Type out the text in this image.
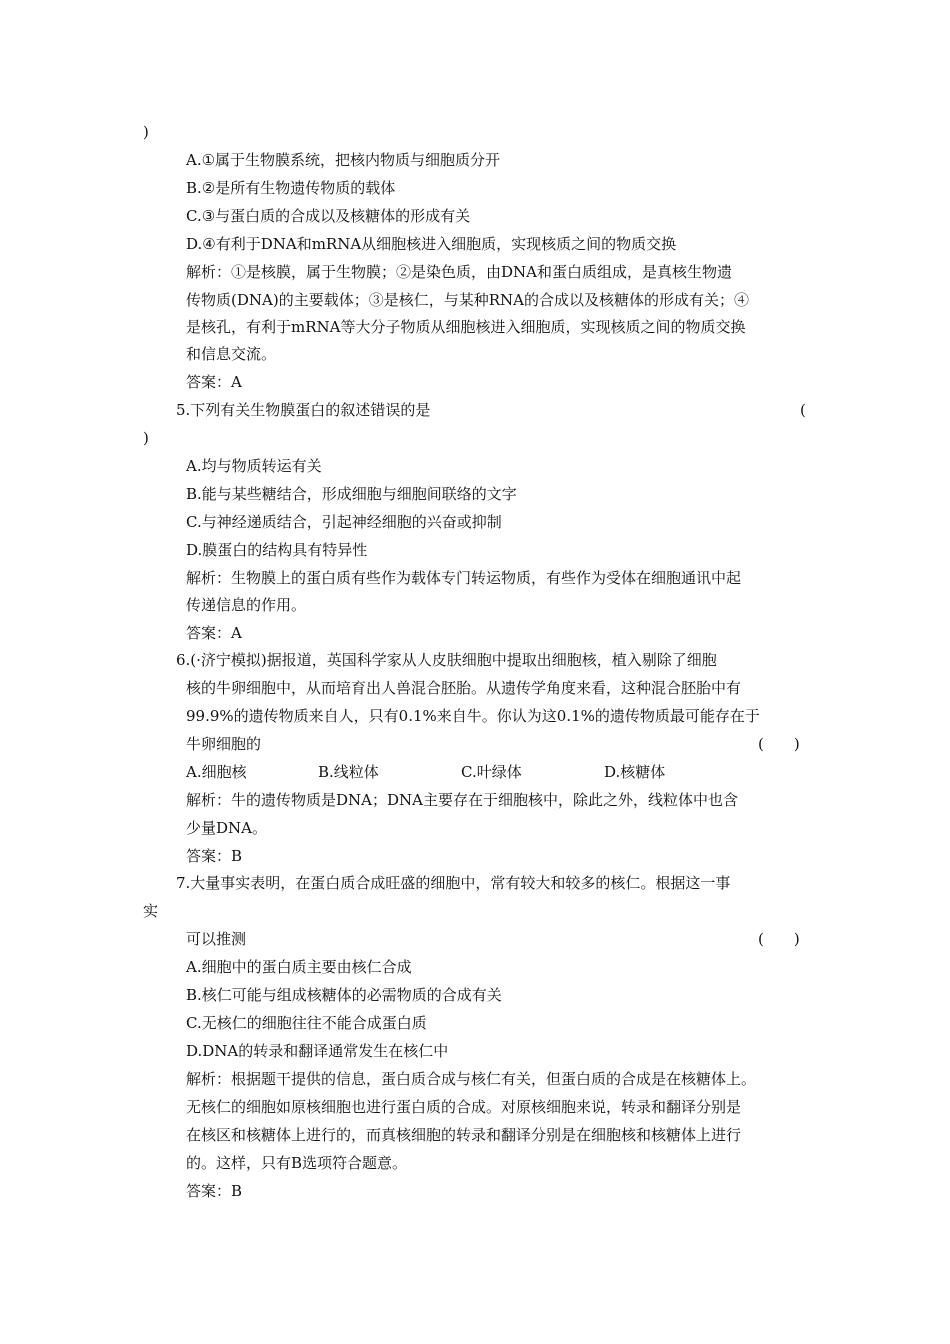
)
A.①属于生物膜系统，把核内物质与细胞质分开
B.②是所有生物遗传物质的载体
C.③与蛋白质的合成以及核糖体的形成有关
D.④有利于DNA和mRNA从细胞核进入细胞质，实现核质之间的物质交换
解析：①是核膜，属于生物膜；②是染色质，由DNA和蛋白质组成，是真核生物遗
传物质(DNA)的主要载体；③是核仁，与某种RNA的合成以及核糖体的形成有关；④
是核孔，有利于mRNA等大分子物质从细胞核进入细胞质，实现核质之间的物质交换
和信息交流。
答案：A
5.下列有关生物膜蛋白的叙述错误的是	(
)
A.均与物质转运有关
B.能与某些糖结合，形成细胞与细胞间联络的文字
C.与神经递质结合，引起神经细胞的兴奋或抑制
D.膜蛋白的结构具有特异性
解析：生物膜上的蛋白质有些作为载体专门转运物质，有些作为受体在细胞通讯中起
传递信息的作用。
答案：A
6.(·济宁模拟)据报道，英国科学家从人皮肤细胞中提取出细胞核，植入剔除了细胞
核的牛卵细胞中，从而培育出人兽混合胚胎。从遗传学角度来看，这种混合胚胎中有
99.9%的遗传物质来自人，只有0.1%来自牛。你认为这0.1%的遗传物质最可能存在于
牛卵细胞的	(　　)
A.细胞核	B.线粒体	C.叶绿体	D.核糖体
解析：牛的遗传物质是DNA；DNA主要存在于细胞核中，除此之外，线粒体中也含
少量DNA。
答案：B
7.大量事实表明，在蛋白质合成旺盛的细胞中，常有较大和较多的核仁。根据这一事
实
可以推测	(　　)
A.细胞中的蛋白质主要由核仁合成
B.核仁可能与组成核糖体的必需物质的合成有关
C.无核仁的细胞往往不能合成蛋白质
D.DNA的转录和翻译通常发生在核仁中
解析：根据题干提供的信息，蛋白质合成与核仁有关，但蛋白质的合成是在核糖体上。
无核仁的细胞如原核细胞也进行蛋白质的合成。对原核细胞来说，转录和翻译分别是
在核区和核糖体上进行的，而真核细胞的转录和翻译分别是在细胞核和核糖体上进行
的。这样，只有B选项符合题意。
答案：B
